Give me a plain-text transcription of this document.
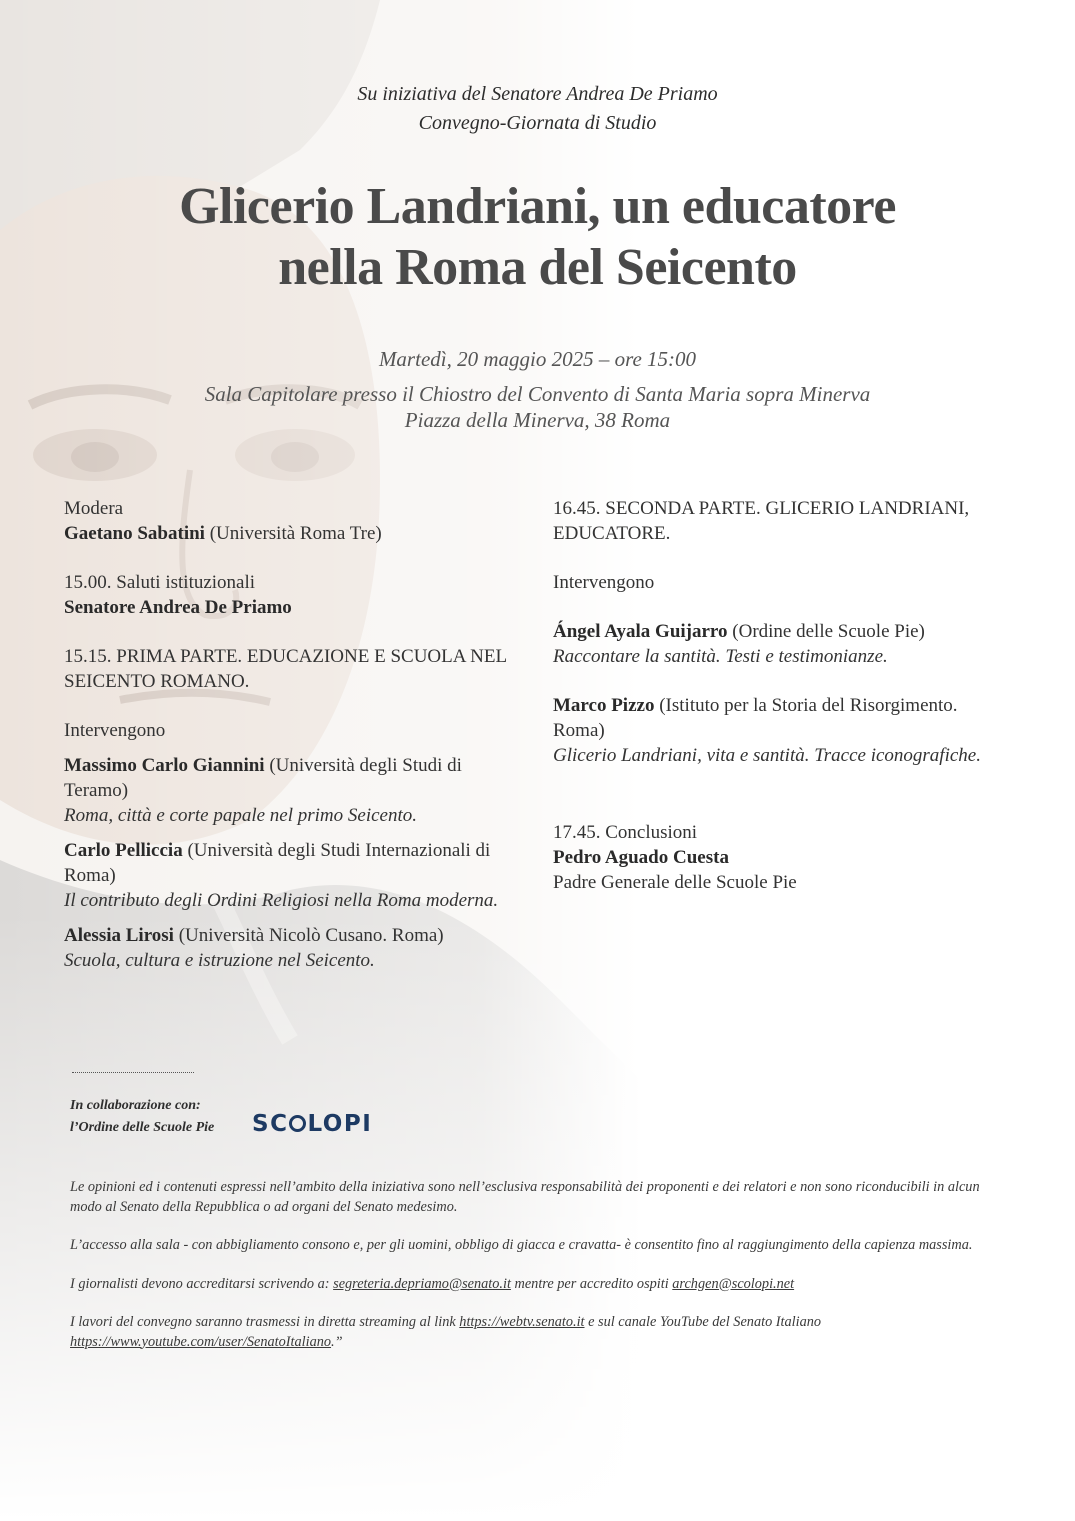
Su iniziativa del Senatore Andrea De Priamo
Convegno-Giornata di Studio
Glicerio Landriani, un educatore
nella Roma del Seicento
Martedì, 20 maggio 2025 – ore 15:00
Sala Capitolare presso il Chiostro del Convento di Santa Maria sopra Minerva
Piazza della Minerva, 38 Roma
Modera
Gaetano Sabatini (Università Roma Tre)
15.00. Saluti istituzionali
Senatore Andrea De Priamo
15.15. PRIMA PARTE. EDUCAZIONE E SCUOLA NEL SEICENTO ROMANO.
Intervengono
Massimo Carlo Giannini (Università degli Studi di Teramo)
Roma, città e corte papale nel primo Seicento.
Carlo Pelliccia (Università degli Studi Internazionali di Roma)
Il contributo degli Ordini Religiosi nella Roma moderna.
Alessia Lirosi (Università Nicolò Cusano. Roma)
Scuola, cultura e istruzione nel Seicento.
16.45. SECONDA PARTE. GLICERIO LANDRIANI, EDUCATORE.
Intervengono
Ángel Ayala Guijarro (Ordine delle Scuole Pie)
Raccontare la santità. Testi e testimonianze.
Marco Pizzo (Istituto per la Storia del Risorgimento. Roma)
Glicerio Landriani, vita e santità. Tracce iconografiche.
17.45. Conclusioni
Pedro Aguado Cuesta
Padre Generale delle Scuole Pie
In collaborazione con:
l’Ordine delle Scuole Pie SC LOPI

Le opinioni ed i contenuti espressi nell’ambito della iniziativa sono nell’esclusiva responsabilità dei proponenti e dei relatori e non sono riconducibili in alcun modo al Senato della Repubblica o ad organi del Senato medesimo.

L’accesso alla sala - con abbigliamento consono e, per gli uomini, obbligo di giacca e cravatta- è consentito fino al raggiungimento della capienza massima.

I giornalisti devono accreditarsi scrivendo a: segreteria.depriamo@senato.it mentre per accredito ospiti archgen@scolopi.net

I lavori del convegno saranno trasmessi in diretta streaming al link https://webtv.senato.it e sul canale YouTube del Senato Italiano https://www.youtube.com/user/SenatoItaliano.”
